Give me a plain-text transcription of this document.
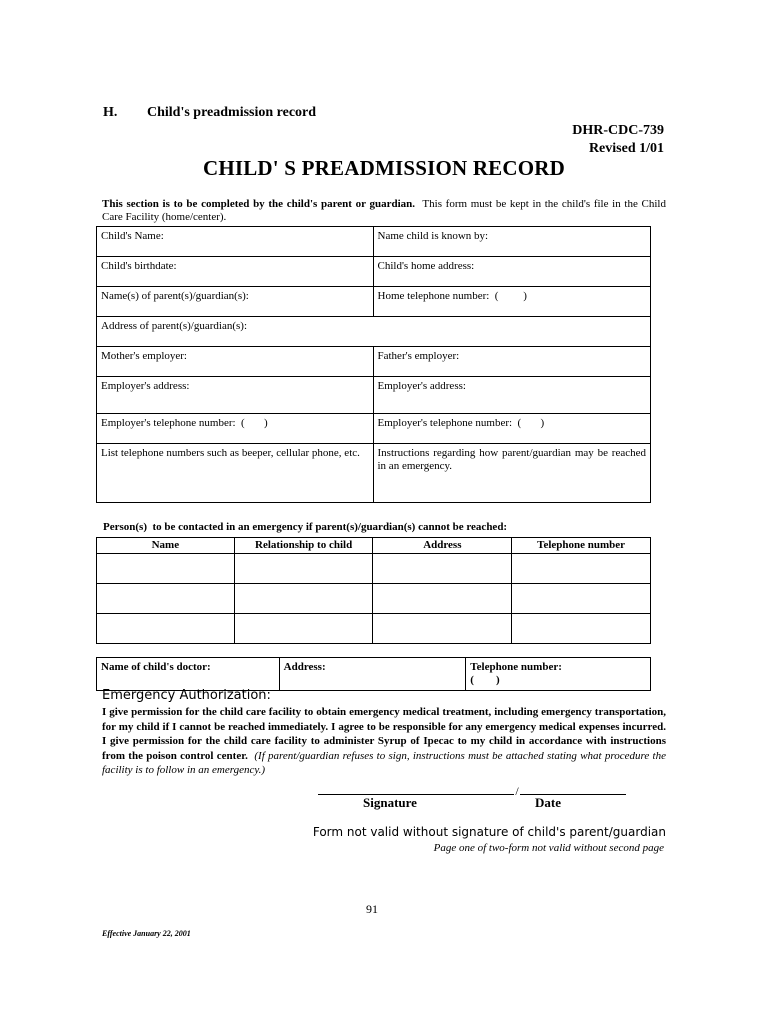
H. Child's preadmission record
DHR-CDC-739
Revised 1/01
CHILD' S PREADMISSION RECORD
This section is to be completed by the child's parent or guardian. This form must be kept in the child's file in the Child Care Facility (home/center).
Child's Name:	Name child is known by:
Child's birthdate:	Child's home address:
Name(s) of parent(s)/guardian(s):	Home telephone number:  (         )
Address of parent(s)/guardian(s):	
Mother's employer:	Father's employer:
Employer's address:	Employer's address:
Employer's telephone number:  (       )	Employer's telephone number:  (       )
List telephone numbers such as beeper, cellular phone, etc.	Instructions regarding how parent/guardian may be reached in an emergency.
Person(s)  to be contacted in an emergency if parent(s)/guardian(s) cannot be reached:
Name	Relationship to child	Address	Telephone number

Name of child's doctor:	Address:	Telephone number:
(        )
Emergency Authorization:
I give permission for the child care facility to obtain emergency medical treatment, including emergency transportation, for my child if I cannot be reached immediately. I agree to be responsible for any emergency medical expenses incurred. I give permission for the child care facility to administer Syrup of Ipecac to my child in accordance with instructions from the poison control center. (If parent/guardian refuses to sign, instructions must be attached stating what procedure the facility is to follow in an emergency.)
/
Signature	Date
Form not valid without signature of child's parent/guardian
Page one of two-form not valid without second page
91
Effective January 22, 2001
